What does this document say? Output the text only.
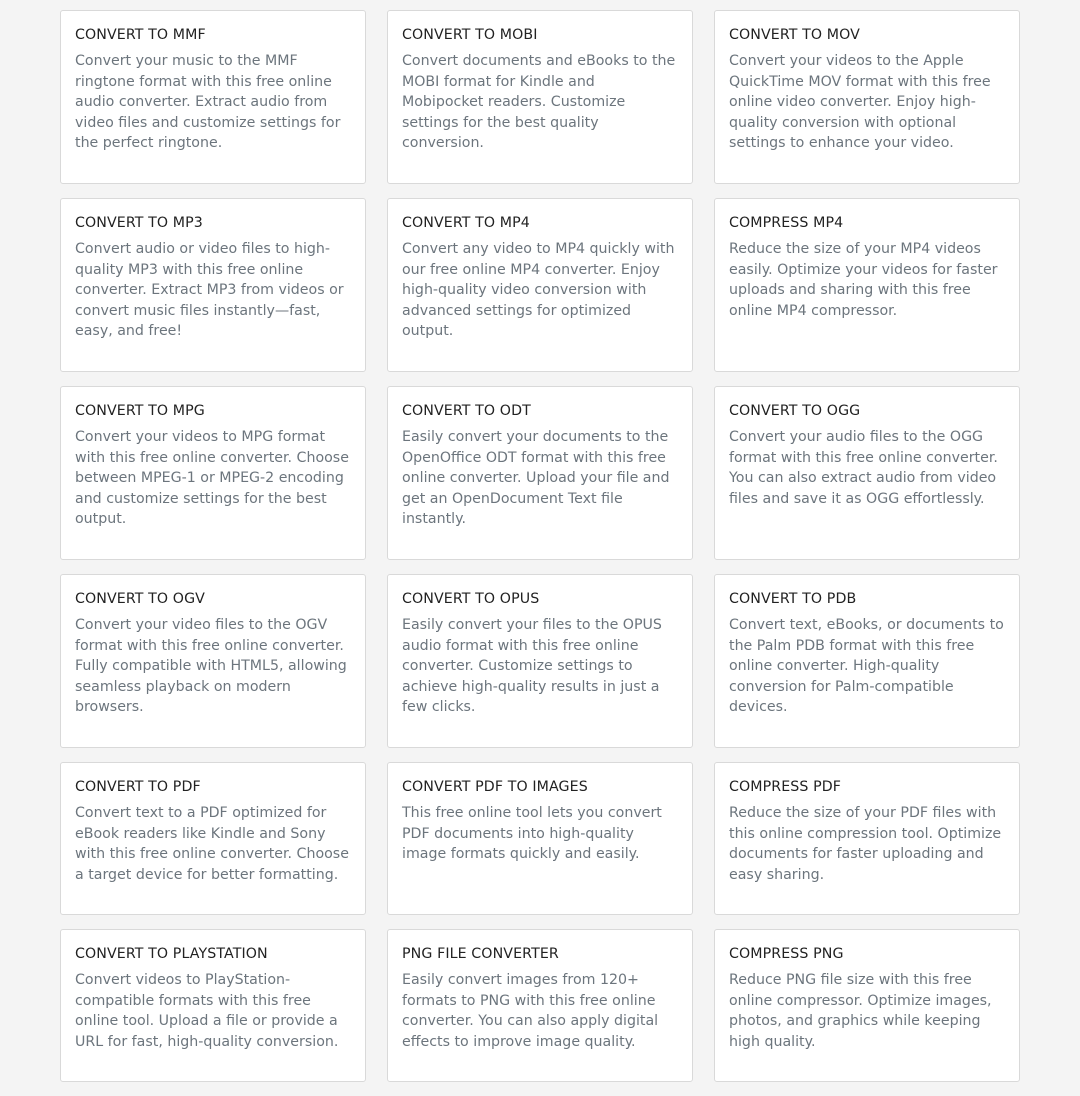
CONVERT TO MMF

Convert your music to the MMF ringtone format with this free online audio converter. Extract audio from video files and customize settings for the perfect ringtone.

CONVERT TO MOBI

Convert documents and eBooks to the MOBI format for Kindle and Mobipocket readers. Customize settings for the best quality conversion.

CONVERT TO MOV

Convert your videos to the Apple QuickTime MOV format with this free online video converter. Enjoy high-quality conversion with optional settings to enhance your video.

CONVERT TO MP3

Convert audio or video files to high-quality MP3 with this free online converter. Extract MP3 from videos or convert music files instantly—fast, easy, and free!

CONVERT TO MP4

Convert any video to MP4 quickly with our free online MP4 converter. Enjoy high-quality video conversion with advanced settings for optimized output.

COMPRESS MP4

Reduce the size of your MP4 videos easily. Optimize your videos for faster uploads and sharing with this free online MP4 compressor.

CONVERT TO MPG

Convert your videos to MPG format with this free online converter. Choose between MPEG-1 or MPEG-2 encoding and customize settings for the best output.

CONVERT TO ODT

Easily convert your documents to the OpenOffice ODT format with this free online converter. Upload your file and get an OpenDocument Text file instantly.

CONVERT TO OGG

Convert your audio files to the OGG format with this free online converter. You can also extract audio from video files and save it as OGG effortlessly.

CONVERT TO OGV

Convert your video files to the OGV format with this free online converter. Fully compatible with HTML5, allowing seamless playback on modern browsers.

CONVERT TO OPUS

Easily convert your files to the OPUS audio format with this free online converter. Customize settings to achieve high-quality results in just a few clicks.

CONVERT TO PDB

Convert text, eBooks, or documents to the Palm PDB format with this free online converter. High-quality conversion for Palm-compatible devices.

CONVERT TO PDF

Convert text to a PDF optimized for eBook readers like Kindle and Sony with this free online converter. Choose a target device for better formatting.

CONVERT PDF TO IMAGES

This free online tool lets you convert PDF documents into high-quality image formats quickly and easily.

COMPRESS PDF

Reduce the size of your PDF files with this online compression tool. Optimize documents for faster uploading and easy sharing.

CONVERT TO PLAYSTATION

Convert videos to PlayStation-compatible formats with this free online tool. Upload a file or provide a URL for fast, high-quality conversion.

PNG FILE CONVERTER

Easily convert images from 120+ formats to PNG with this free online converter. You can also apply digital effects to improve image quality.

COMPRESS PNG

Reduce PNG file size with this free online compressor. Optimize images, photos, and graphics while keeping high quality.
